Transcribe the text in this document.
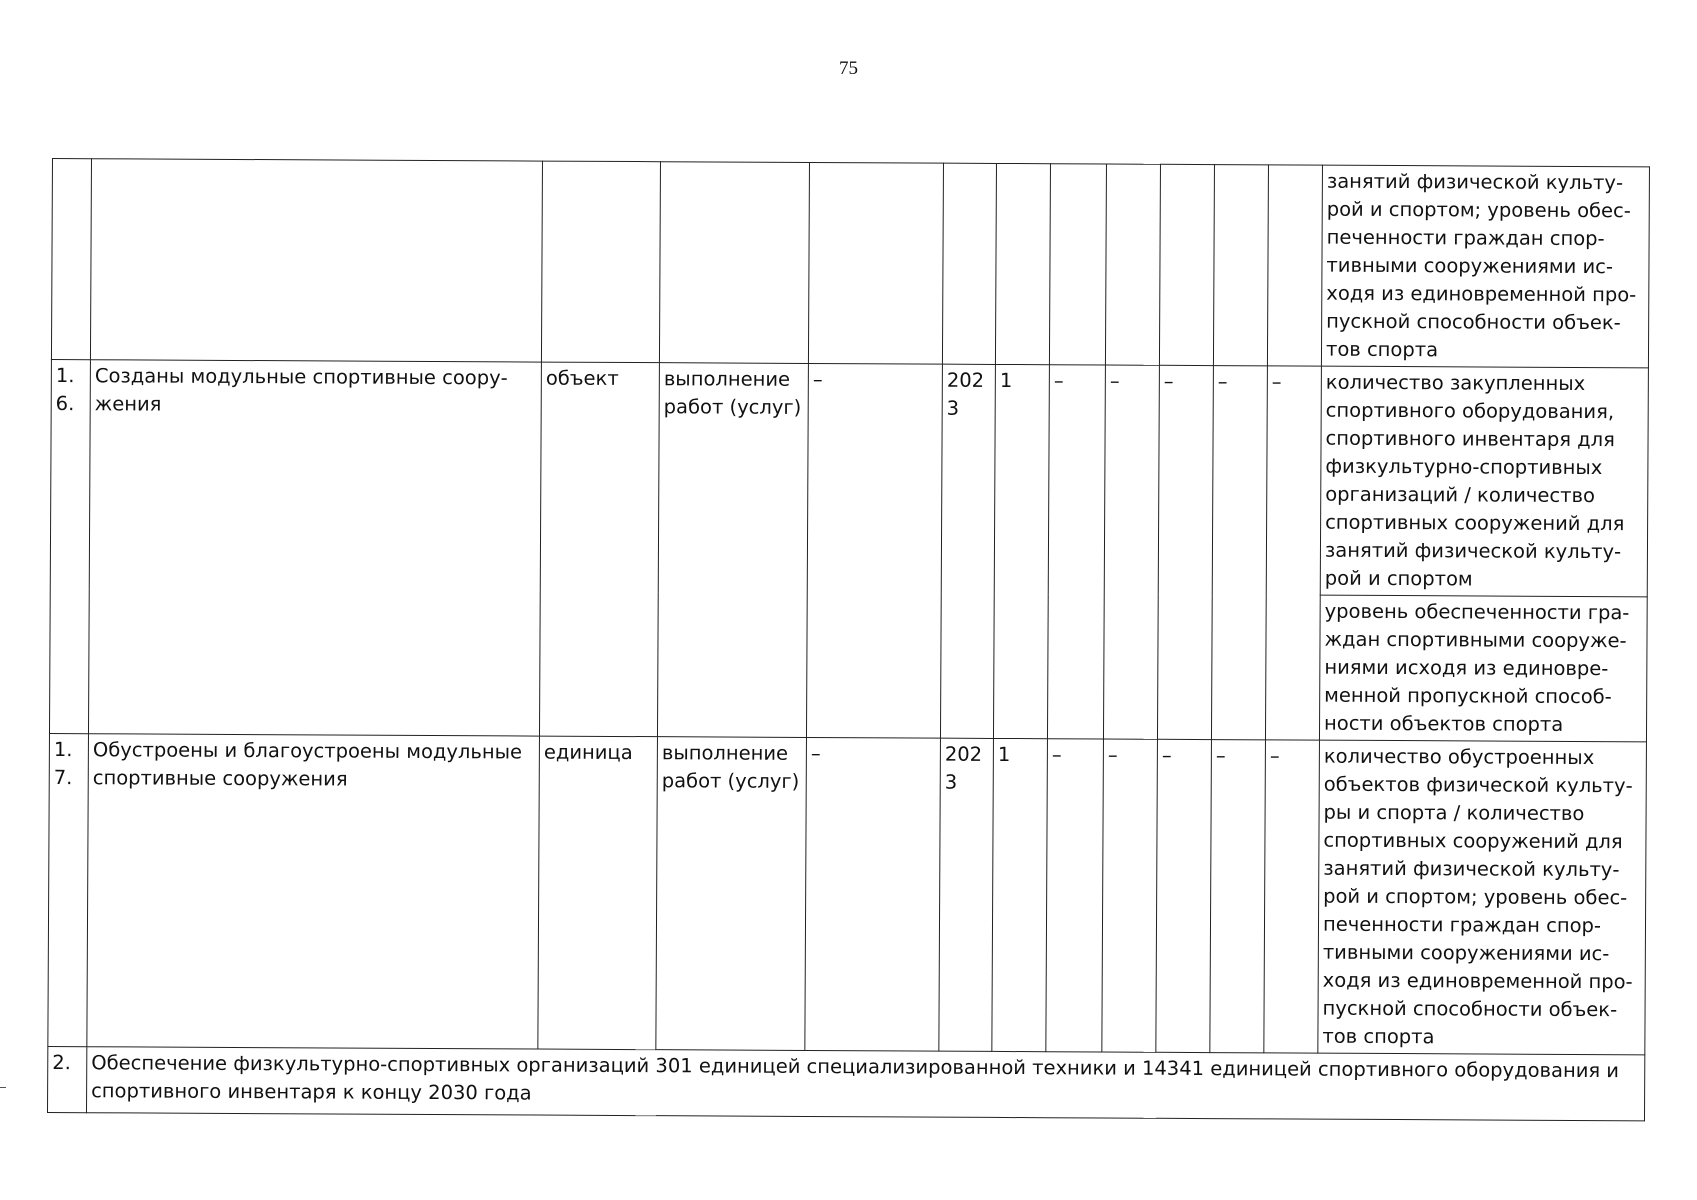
75
												занятий физической культу-рой и спортом; уровень обес-печенности граждан спор-тивными сооружениями ис-ходя из единовременной про-пускной способности объек-тов спорта
1.6.	Созданы модульные спортивные соору-жения	объект	выполнение работ (услуг)	–	2023	1	–	–	–	–	–	количество закупленных спортивного оборудования, спортивного инвентаря для физкультурно-спортивных организаций / количество спортивных сооружений для занятий физической культу-рой и спортом
												уровень обеспеченности гра-ждан спортивными сооруже-ниями исходя из единовре-менной пропускной способ-ности объектов спорта
1.7.	Обустроены и благоустроены модульные спортивные сооружения	единица	выполнение работ (услуг)	–	2023	1	–	–	–	–	–	количество обустроенных объектов физической культу-ры и спорта / количество спортивных сооружений для занятий физической культу-рой и спортом; уровень обес-печенности граждан спор-тивными сооружениями ис-ходя из единовременной про-пускной способности объек-тов спорта
2.	Обеспечение физкультурно-спортивных организаций 301 единицей специализированной техники и 14341 единицей спортивного оборудования и спортивного инвентаря к концу 2030 года											
